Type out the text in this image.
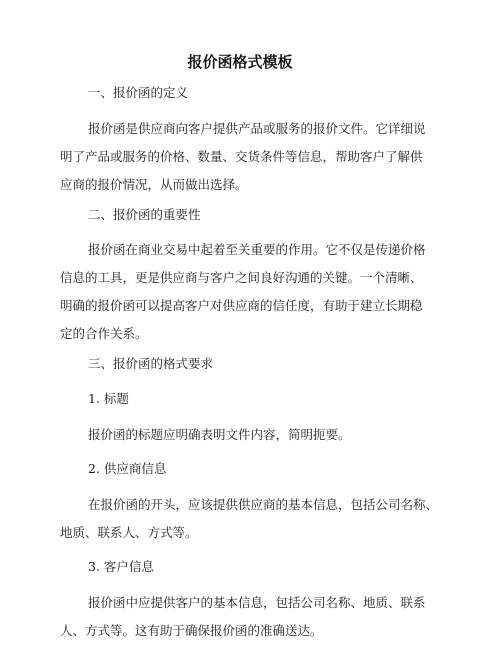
报价函格式模板
一、报价函的定义
报价函是供应商向客户提供产品或服务的报价文件。它详细说
明了产品或服务的价格、数量、交货条件等信息，帮助客户了解供
应商的报价情况，从而做出选择。
二、报价函的重要性
报价函在商业交易中起着至关重要的作用。它不仅是传递价格
信息的工具，更是供应商与客户之间良好沟通的关键。一个清晰、
明确的报价函可以提高客户对供应商的信任度，有助于建立长期稳
定的合作关系。
三、报价函的格式要求
1. 标题
报价函的标题应明确表明文件内容，简明扼要。
2. 供应商信息
在报价函的开头，应该提供供应商的基本信息，包括公司名称、
地质、联系人、方式等。
3. 客户信息
报价函中应提供客户的基本信息，包括公司名称、地质、联系
人、方式等。这有助于确保报价函的准确送达。
